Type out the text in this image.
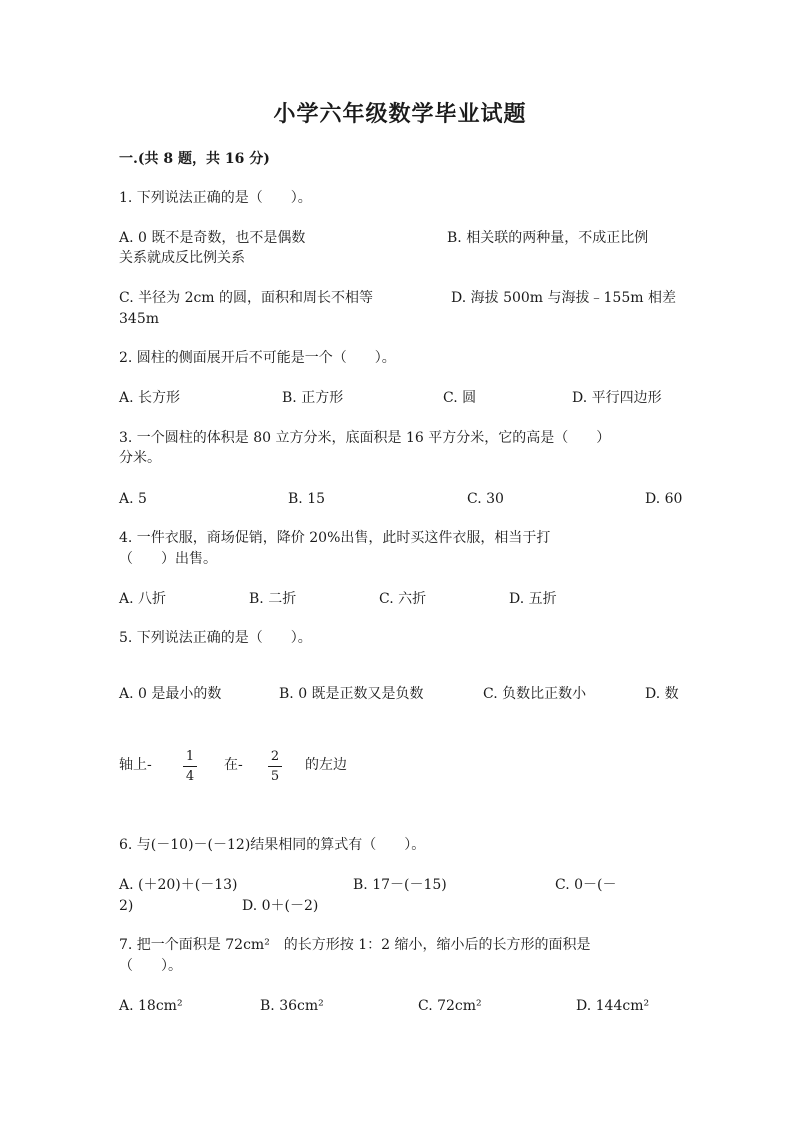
小学六年级数学毕业试题
一.(共 8 题，共 16 分)
1. 下列说法正确的是（　　）。
A. 0 既不是奇数，也不是偶数	B. 相关联的两种量，不成正比例
关系就成反比例关系
C. 半径为 2cm 的圆，面积和周长不相等	D. 海拔 500m 与海拔﹣155m 相差
345m
2. 圆柱的侧面展开后不可能是一个（　　）。
A. 长方形	B. 正方形	C. 圆	D. 平行四边形
3. 一个圆柱的体积是 80 立方分米，底面积是 16 平方分米，它的高是（　　）
分米。
A. 5	B. 15	C. 30	D. 60
4. 一件衣服，商场促销，降价 20%出售，此时买这件衣服，相当于打
（　　）出售。
A. 八折	B. 二折	C. 六折	D. 五折
5. 下列说法正确的是（　　）。
A. 0 是最小的数	B. 0 既是正数又是负数	C. 负数比正数小	D. 数
轴上-
1
4
在-
2
5
的左边
6. 与(－10)－(－12)结果相同的算式有（　　）。
A. (＋20)＋(－13)	B. 17－(－15)	C. 0－(－
2)	D. 0＋(－2)
7. 把一个面积是 72cm²　的长方形按 1：2 缩小，缩小后的长方形的面积是
（　　）。
A. 18cm²	B. 36cm²	C. 72cm²	D. 144cm²
